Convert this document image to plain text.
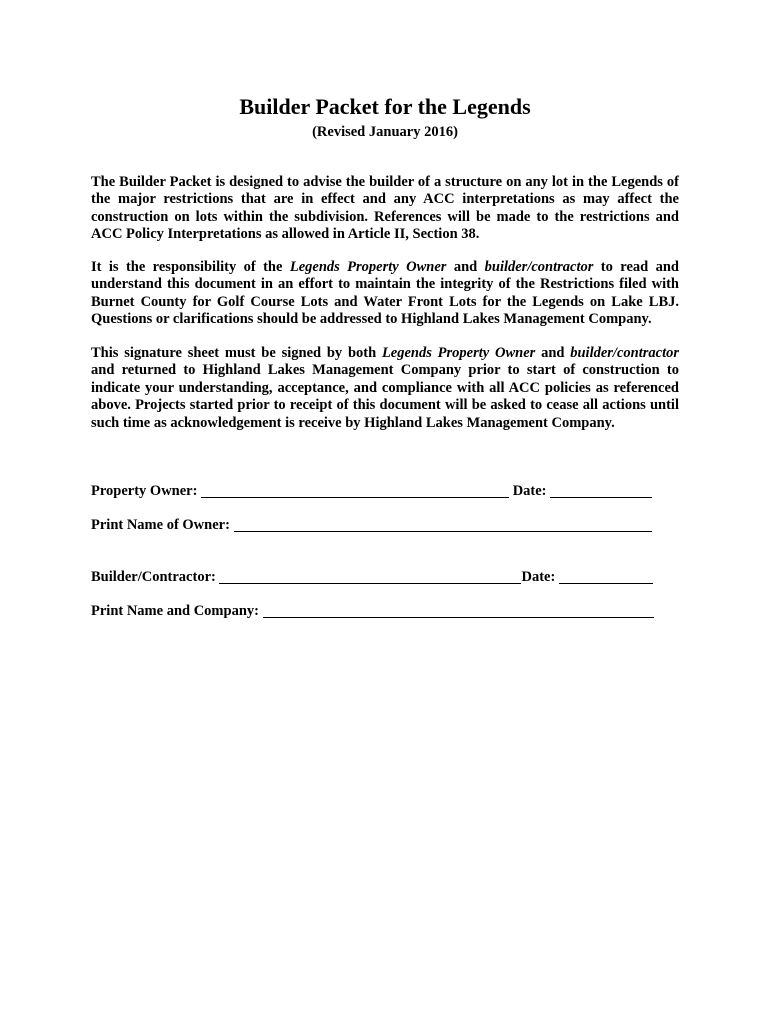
Builder Packet for the Legends
(Revised January 2016)

The Builder Packet is designed to advise the builder of a structure on any lot in the Legends of the major restrictions that are in effect and any ACC interpretations as may affect the construction on lots within the subdivision. References will be made to the restrictions and ACC Policy Interpretations as allowed in Article II, Section 38.

It is the responsibility of the Legends Property Owner and builder/contractor to read and understand this document in an effort to maintain the integrity of the Restrictions filed with Burnet County for Golf Course Lots and Water Front Lots for the Legends on Lake LBJ. Questions or clarifications should be addressed to Highland Lakes Management Company.

This signature sheet must be signed by both Legends Property Owner and builder/contractor and returned to Highland Lakes Management Company prior to start of construction to indicate your understanding, acceptance, and compliance with all ACC policies as referenced above. Projects started prior to receipt of this document will be asked to cease all actions until such time as acknowledgement is receive by Highland Lakes Management Company.

Property Owner:	Date:
Print Name of Owner:
Builder/Contractor:	Date:
Print Name and Company:
